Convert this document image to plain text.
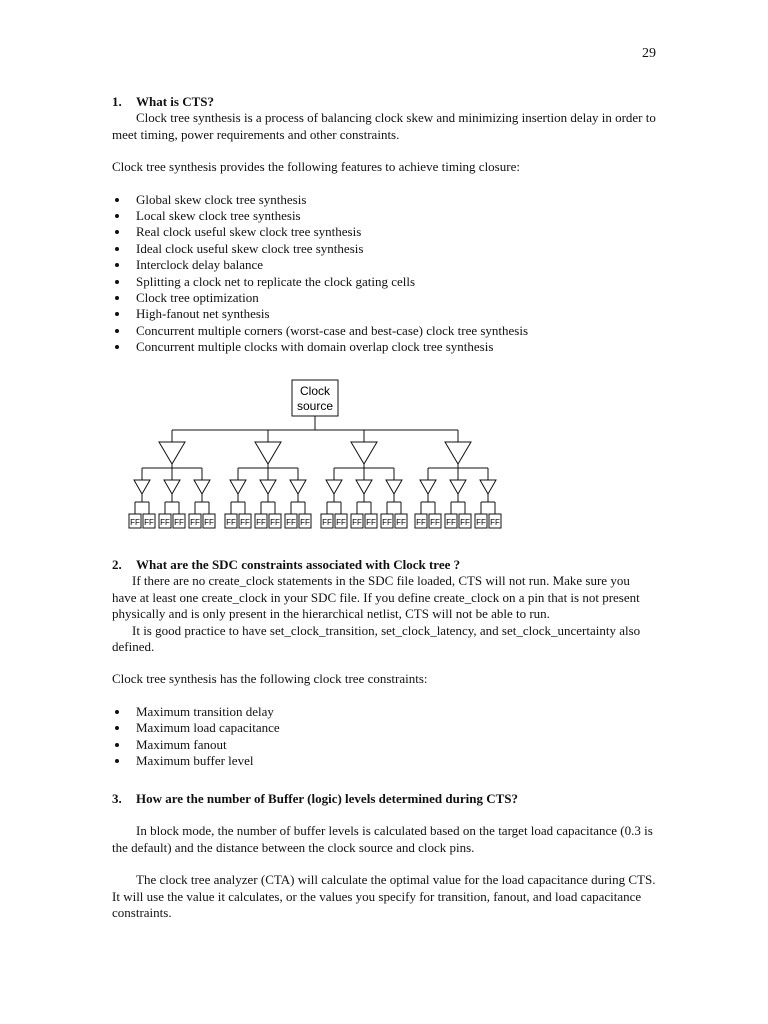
29
1. What is CTS?

Clock tree synthesis is a process of balancing clock skew and minimizing insertion delay in order to meet timing, power requirements and other constraints.

Clock tree synthesis provides the following features to achieve timing closure:

Global skew clock tree synthesis
Local skew clock tree synthesis
Real clock useful skew clock tree synthesis
Ideal clock useful skew clock tree synthesis
Interclock delay balance
Splitting a clock net to replicate the clock gating cells
Clock tree optimization
High-fanout net synthesis
Concurrent multiple corners (worst-case and best-case) clock tree synthesis
Concurrent multiple clocks with domain overlap clock tree synthesis
Clock
source
FF FF FF FF FF FF FF FF FF FF FF FF FF FF FF FF FF FF FF FF FF FF FF FF
2. What are the SDC constraints associated with Clock tree ?

If there are no create_clock statements in the SDC file loaded, CTS will not run. Make sure you have at least one create_clock in your SDC file. If you define create_clock on a pin that is not present physically and is only present in the hierarchical netlist, CTS will not be able to run.

It is good practice to have set_clock_transition, set_clock_latency, and set_clock_uncertainty also defined.

Clock tree synthesis has the following clock tree constraints:

Maximum transition delay
Maximum load capacitance
Maximum fanout
Maximum buffer level
3. How are the number of Buffer (logic) levels determined during CTS?

In block mode, the number of buffer levels is calculated based on the target load capacitance (0.3 is the default) and the distance between the clock source and clock pins.

The clock tree analyzer (CTA) will calculate the optimal value for the load capacitance during CTS. It will use the value it calculates, or the values you specify for transition, fanout, and load capacitance constraints.
